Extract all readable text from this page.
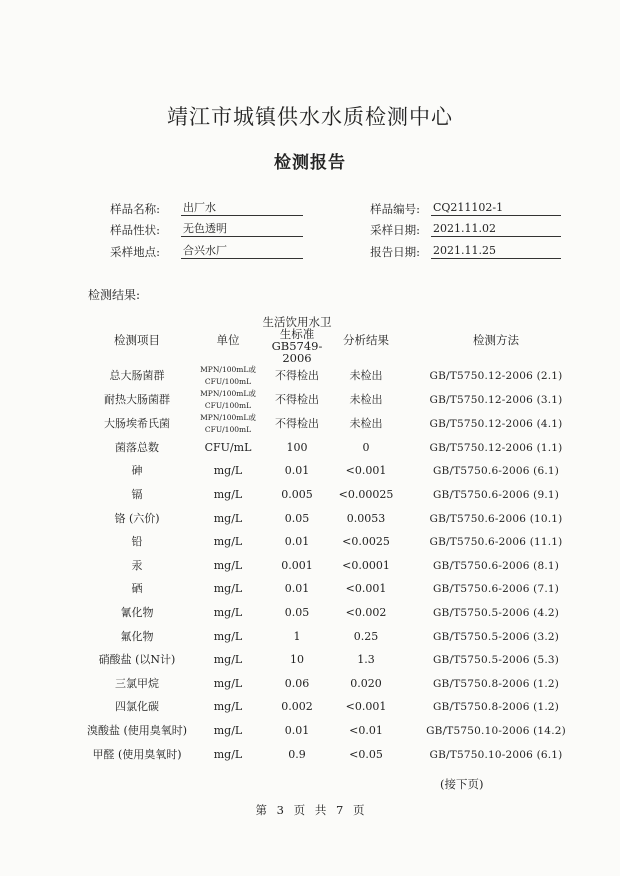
靖江市城镇供水水质检测中心
检测报告
样品名称: 出厂水
样品性状: 无色透明
采样地点: 合兴水厂
样品编号: CQ211102-1
采样日期: 2021.11.02
报告日期: 2021.11.25
检测结果:
检测项目	单位	生活饮用水卫生标准GB5749-2006	分析结果	检测方法
总大肠菌群	MPN/100mL或CFU/100mL	不得检出	未检出	GB/T5750.12-2006 (2.1)
耐热大肠菌群	MPN/100mL或CFU/100mL	不得检出	未检出	GB/T5750.12-2006 (3.1)
大肠埃希氏菌	MPN/100mL或CFU/100mL	不得检出	未检出	GB/T5750.12-2006 (4.1)
菌落总数	CFU/mL	100	0	GB/T5750.12-2006 (1.1)
砷	mg/L	0.01	<0.001	GB/T5750.6-2006 (6.1)
镉	mg/L	0.005	<0.00025	GB/T5750.6-2006 (9.1)
铬 (六价)	mg/L	0.05	0.0053	GB/T5750.6-2006 (10.1)
铅	mg/L	0.01	<0.0025	GB/T5750.6-2006 (11.1)
汞	mg/L	0.001	<0.0001	GB/T5750.6-2006 (8.1)
硒	mg/L	0.01	<0.001	GB/T5750.6-2006 (7.1)
氰化物	mg/L	0.05	<0.002	GB/T5750.5-2006 (4.2)
氟化物	mg/L	1	0.25	GB/T5750.5-2006 (3.2)
硝酸盐 (以N计)	mg/L	10	1.3	GB/T5750.5-2006 (5.3)
三氯甲烷	mg/L	0.06	0.020	GB/T5750.8-2006 (1.2)
四氯化碳	mg/L	0.002	<0.001	GB/T5750.8-2006 (1.2)
溴酸盐 (使用臭氧时)	mg/L	0.01	<0.01	GB/T5750.10-2006 (14.2)
甲醛 (使用臭氧时)	mg/L	0.9	<0.05	GB/T5750.10-2006 (6.1)
(接下页)
第 3 页 共 7 页
